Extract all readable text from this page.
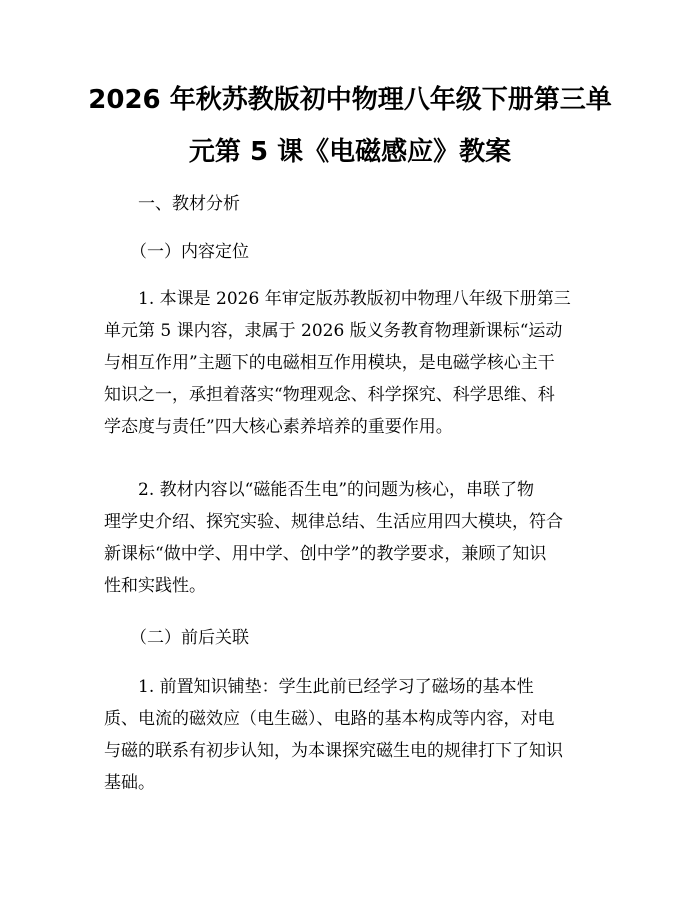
2026 年秋苏教版初中物理八年级下册第三单
元第 5 课《电磁感应》教案
一、教材分析
（一）内容定位
1. 本课是 2026 年审定版苏教版初中物理八年级下册第三
单元第 5 课内容，隶属于 2026 版义务教育物理新课标“运动
与相互作用”主题下的电磁相互作用模块，是电磁学核心主干
知识之一，承担着落实“物理观念、科学探究、科学思维、科
学态度与责任”四大核心素养培养的重要作用。
2. 教材内容以“磁能否生电”的问题为核心，串联了物
理学史介绍、探究实验、规律总结、生活应用四大模块，符合
新课标“做中学、用中学、创中学”的教学要求，兼顾了知识
性和实践性。
（二）前后关联
1. 前置知识铺垫：学生此前已经学习了磁场的基本性
质、电流的磁效应（电生磁）、电路的基本构成等内容，对电
与磁的联系有初步认知，为本课探究磁生电的规律打下了知识
基础。
